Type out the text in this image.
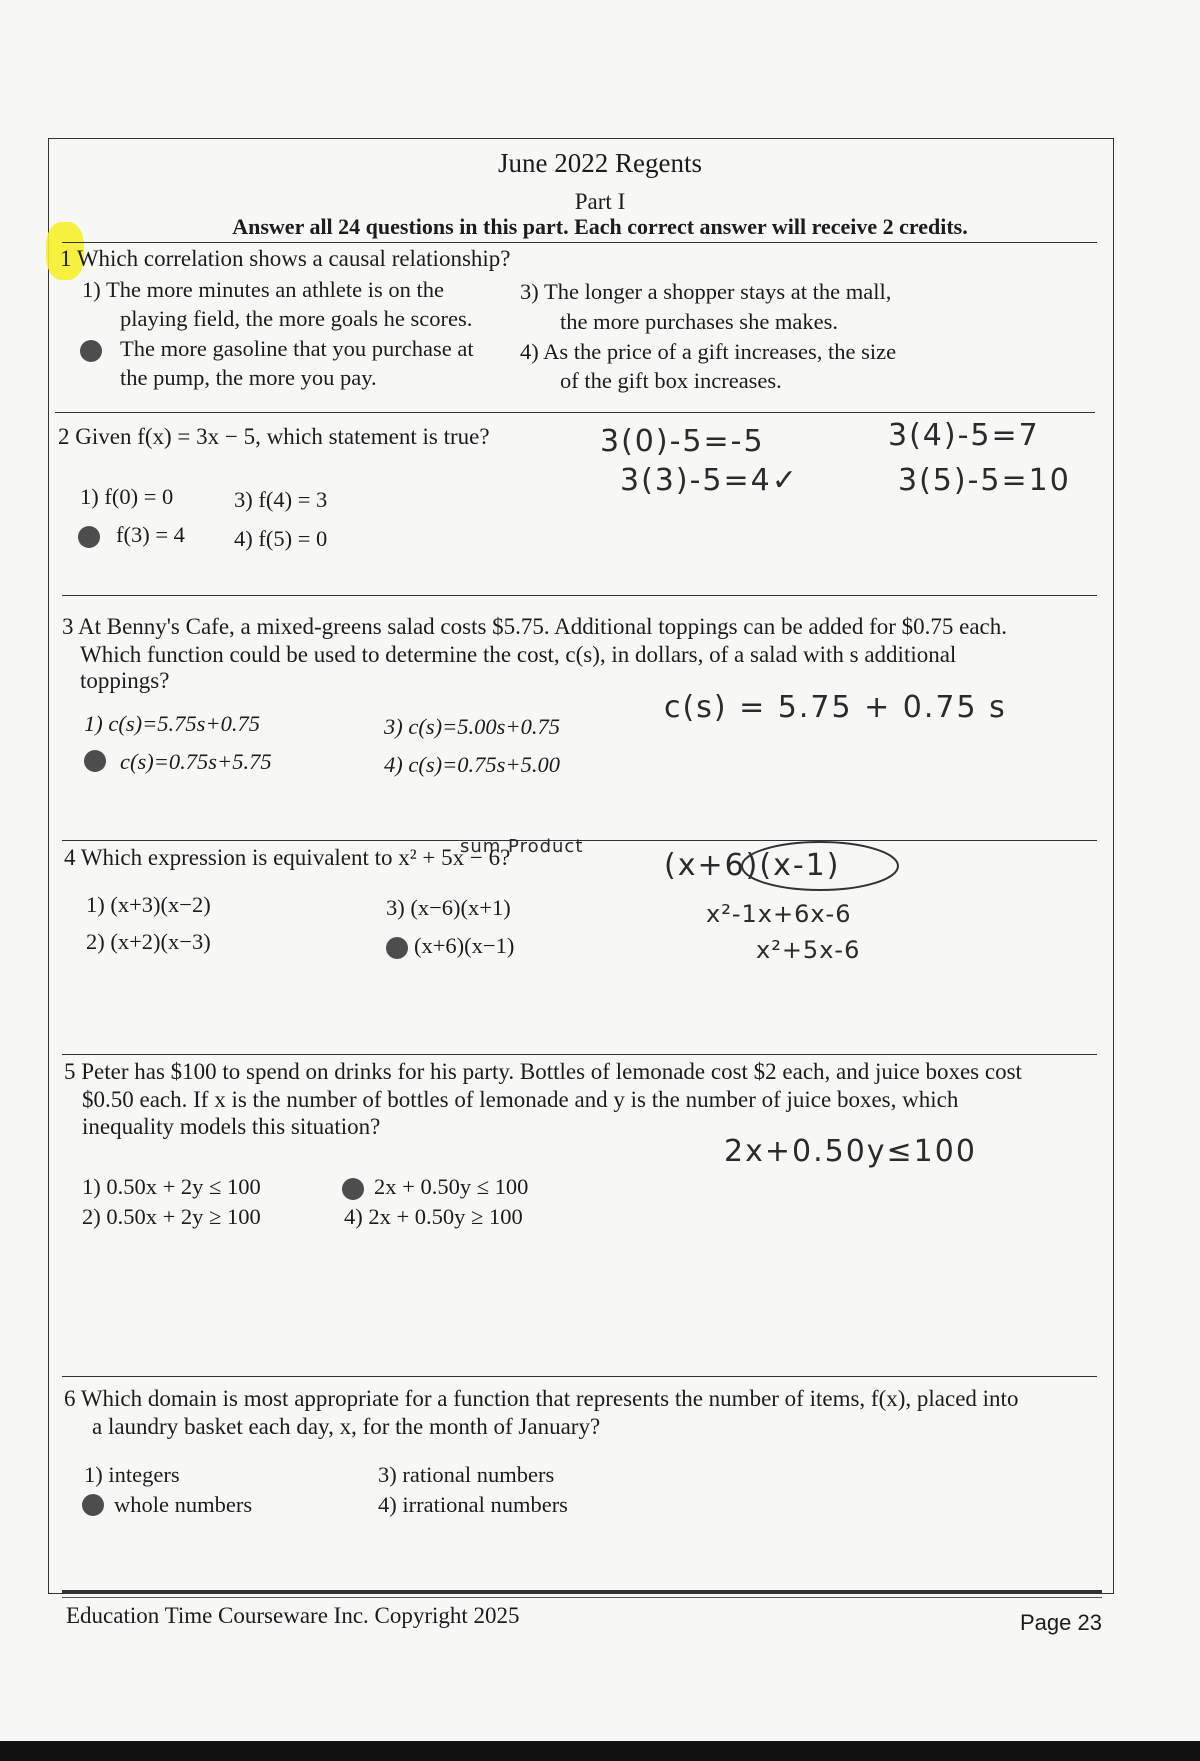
June 2022 Regents
Part I
Answer all 24 questions in this part. Each correct answer will receive 2 credits.
1 Which correlation shows a causal relationship?
1) The more minutes an athlete is on the
playing field, the more goals he scores.
The more gasoline that you purchase at
the pump, the more you pay.
3) The longer a shopper stays at the mall,
the more purchases she makes.
4) As the price of a gift increases, the size
of the gift box increases.
2 Given f(x) = 3x − 5, which statement is true?
1) f(0) = 0
f(3) = 4
3) f(4) = 3
4) f(5) = 0
3(0)-5=-5
3(3)-5=4✓
3(4)-5=7
3(5)-5=10
3 At Benny's Cafe, a mixed-greens salad costs $5.75. Additional toppings can be added for $0.75 each.
Which function could be used to determine the cost, c(s), in dollars, of a salad with s additional
toppings?
1) c(s)=5.75s+0.75
c(s)=0.75s+5.75
3) c(s)=5.00s+0.75
4) c(s)=0.75s+5.00
c(s) = 5.75 + 0.75 s
4 Which expression is equivalent to x² + 5x − 6?
sum Product
1) (x+3)(x−2)
2) (x+2)(x−3)
3) (x−6)(x+1)
(x+6)(x−1)
(x+6)(x-1)
x²-1x+6x-6
x²+5x-6
5 Peter has $100 to spend on drinks for his party. Bottles of lemonade cost $2 each, and juice boxes cost
$0.50 each. If x is the number of bottles of lemonade and y is the number of juice boxes, which
inequality models this situation?
1) 0.50x + 2y ≤ 100
2) 0.50x + 2y ≥ 100
2x + 0.50y ≤ 100
4) 2x + 0.50y ≥ 100
2x+0.50y≤100
6 Which domain is most appropriate for a function that represents the number of items, f(x), placed into
a laundry basket each day, x, for the month of January?
1) integers
whole numbers
3) rational numbers
4) irrational numbers
Education Time Courseware Inc. Copyright 2025	Page 23
